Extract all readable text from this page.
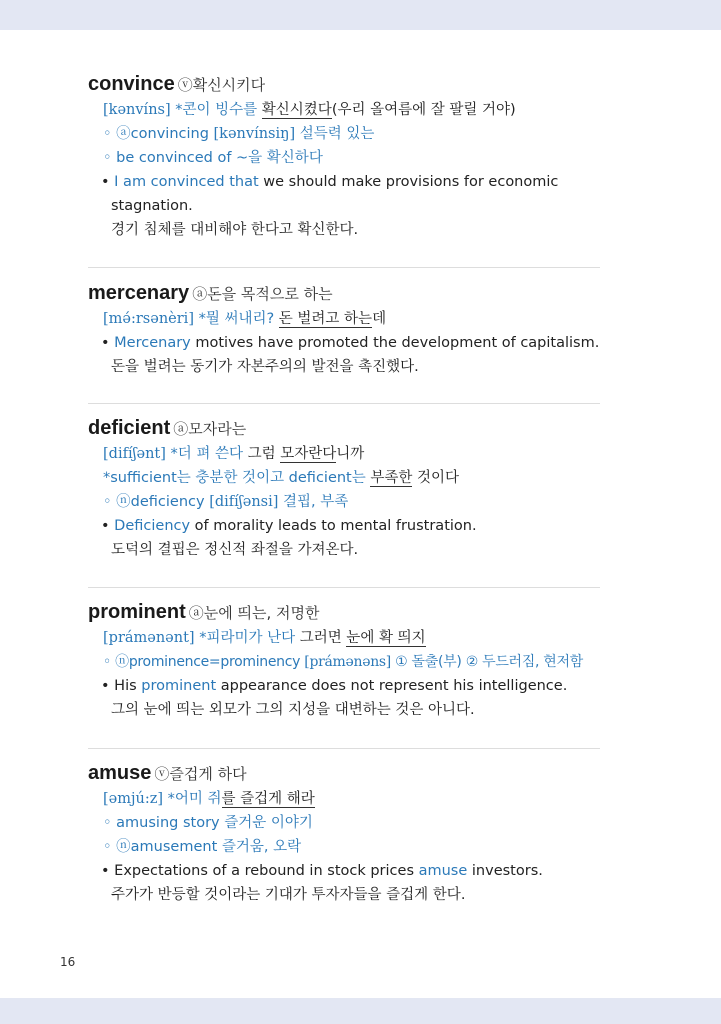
convince ⓥ확신시키다
[kənvíns] *콘이 빙수를 확신시켰다(우리 올여름에 잘 팔릴 거야)
◦ ⓐconvincing [kənvínsiŋ] 설득력 있는
◦ be convinced of ~을 확신하다
• I am convinced that we should make provisions for economic
stagnation.
경기 침체를 대비해야 한다고 확신한다.
mercenary ⓐ돈을 목적으로 하는
[mə́:rsənèri] *뭘 써내리? 돈 벌려고 하는데
• Mercenary motives have promoted the development of capitalism.
돈을 벌려는 동기가 자본주의의 발전을 촉진했다.
deficient ⓐ모자라는
[difíʃənt] *더 펴 쓴다 그럼 모자란다니까
*sufficient는 충분한 것이고 deficient는 부족한 것이다
◦ ⓝdeficiency [difíʃənsi] 결핍, 부족
• Deficiency of morality leads to mental frustration.
도덕의 결핍은 정신적 좌절을 가져온다.
prominent ⓐ눈에 띄는, 저명한
[prámənənt] *피라미가 난다 그러면 눈에 확 띄지
◦ ⓝprominence=prominency [prámənəns] ① 돌출(부) ② 두드러짐, 현저함
• His prominent appearance does not represent his intelligence.
그의 눈에 띄는 외모가 그의 지성을 대변하는 것은 아니다.
amuse ⓥ즐겁게 하다
[əmjú:z] *어미 쥐를 즐겁게 해라
◦ amusing story 즐거운 이야기
◦ ⓝamusement 즐거움, 오락
• Expectations of a rebound in stock prices amuse investors.
주가가 반등할 것이라는 기대가 투자자들을 즐겁게 한다.
16
